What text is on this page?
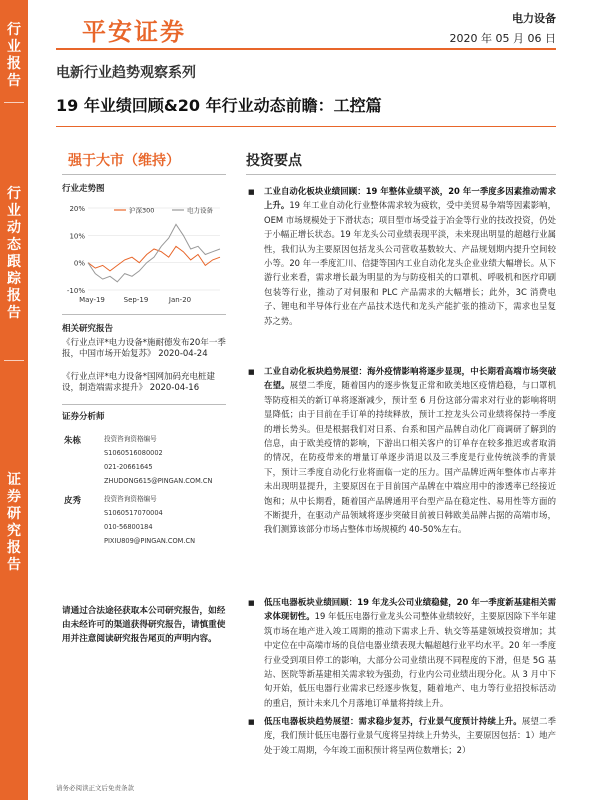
行
业
报
告
行
业
动
态
跟
踪
报
告
证
券
研
究
报
告
平安证券	电力设备
2020 年 05 月 06 日
电新行业趋势观察系列
19 年业绩回顾&20 年行业动态前瞻：工控篇
强于大市（维持）
行业走势图
20%
10%
0%
-10%
May-19	Sep-19	Jan-20
沪深300	电力设备
相关研究报告
《行业点评*电力设备*施耐德发布20年一季报，中国市场开始复苏》 2020-04-24
《行业点评*电力设备*国网加码充电桩建设，制造端需求提升》 2020-04-16
证券分析师
朱栋	投资咨询资格编号
S1060516080002
021-20661645
ZHUDONG615@PINGAN.COM.CN
皮秀	投资咨询资格编号
S1060517070004
010-56800184
PIXIU809@PINGAN.COM.CN
请通过合法途径获取本公司研究报告，如经由未经许可的渠道获得研究报告，请慎重使用并注意阅读研究报告尾页的声明内容。
投资要点
■ 工业自动化板块业绩回顾：19 年整体业绩平淡，20 年一季度多因素推动需求上升。19 年工业自动化行业整体需求较为疲软，受中美贸易争端等因素影响，OEM 市场规模处于下滑状态；项目型市场受益于冶金等行业的技改投资，仍处于小幅正增长状态。19 年龙头公司业绩表现平淡，未来现出明显的超越行业属性，我们认为主要原因包括龙头公司营收基数较大、产品规划期内提升空间较小等。20 年一季度汇川、信捷等国内工业自动化龙头企业业绩大幅增长。从下游行业来看，需求增长最为明显的为与防疫相关的口罩机、呼吸机和医疗印刷包装等行业，推动了对伺服和 PLC 产品需求的大幅增长；此外，3C 消费电子、锂电和半导体行业在产品技术迭代和龙头产能扩张的推动下，需求也呈复苏之势。
■ 工业自动化板块趋势展望：海外疫情影响将逐步显现，中长期看高端市场突破在望。展望二季度，随着国内的逐步恢复正常和欧美地区疫情趋稳，与口罩机等防疫相关的新订单将逐渐减少，预计至 6 月份这部分需求对行业的影响将明显降低；由于目前在手订单的持续释放，预计工控龙头公司业绩将保持一季度的增长势头。但是根据我们对日系、台系和国产品牌自动化厂商调研了解到的信息，由于欧美疫情的影响，下游出口相关客户的订单存在较多推迟或者取消的情况，在防疫带来的增量订单逐步消退以及三季度是行业传统淡季的背景下，预计三季度自动化行业将面临一定的压力。国产品牌近两年整体市占率并未出现明显提升，主要原因在于目前国产品牌在中端应用中的渗透率已经接近饱和；从中长期看，随着国产品牌通用平台型产品在稳定性、易用性等方面的不断提升，在驱动产品领域将逐步突破目前被日韩欧美品牌占据的高端市场，我们测算该部分市场占整体市场规模约 40-50%左右。
■ 低压电器板块业绩回顾：19 年龙头公司业绩稳健，20 年一季度新基建相关需求体现韧性。19 年低压电器行业龙头公司整体业绩较好，主要原因除下半年建筑市场在地产进入竣工周期的推动下需求上升、轨交等基建领域投资增加；其中定位在中高端市场的良信电器业绩表现大幅超越行业平均水平。20 年一季度行业受到项目停工的影响，大部分公司业绩出现不同程度的下滑，但是 5G 基站、医院等新基建相关需求较为强劲，行业内公司业绩出现分化。从 3 月中下旬开始，低压电器行业需求已经逐步恢复，随着地产、电力等行业招投标活动的重启，预计未来几个月落地订单量将持续上升。
■ 低压电器板块趋势展望：需求稳步复苏，行业景气度预计持续上升。展望二季度，我们预计低压电器行业景气度将呈持续上升势头，主要原因包括：1）地产处于竣工周期，今年竣工面积预计将呈两位数增长；2）
请务必阅读正文后免责条款
